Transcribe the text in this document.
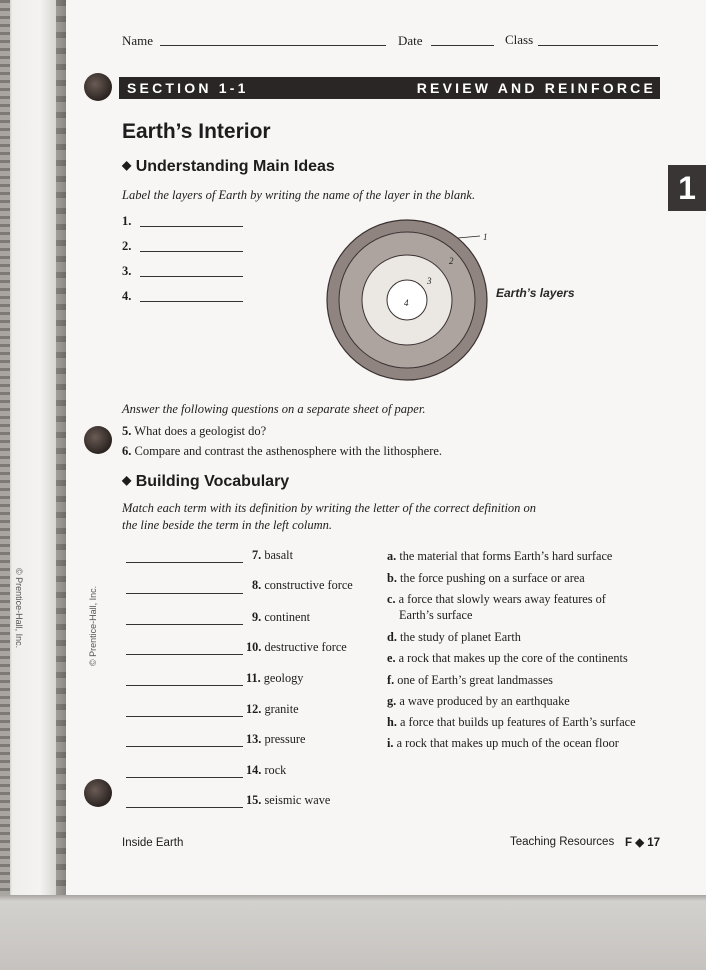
© Prentice-Hall, Inc.
Name	Date	Class
SECTION 1-1	REVIEW AND REINFORCE
1
Earth’s Interior
◆ Understanding Main Ideas
Label the layers of Earth by writing the name of the layer in the blank.
1.
2.
3.
4.
1
2
3
4
Earth’s layers
Answer the following questions on a separate sheet of paper.
5. What does a geologist do?
6. Compare and contrast the asthenosphere with the lithosphere.
◆ Building Vocabulary
Match each term with its definition by writing the letter of the correct definition on
the line beside the term in the left column.
7. basalt
8. constructive force
9. continent
10. destructive force
11. geology
12. granite
13. pressure
14. rock
15. seismic wave
a. the material that forms Earth’s hard surface
b. the force pushing on a surface or area
c. a force that slowly wears away features of
Earth’s surface
d. the study of planet Earth
e. a rock that makes up the core of the continents
f. one of Earth’s great landmasses
g. a wave produced by an earthquake
h. a force that builds up features of Earth’s surface
i. a rock that makes up much of the ocean floor
© Prentice-Hall, Inc.
Inside Earth	Teaching Resources F ◆ 17
